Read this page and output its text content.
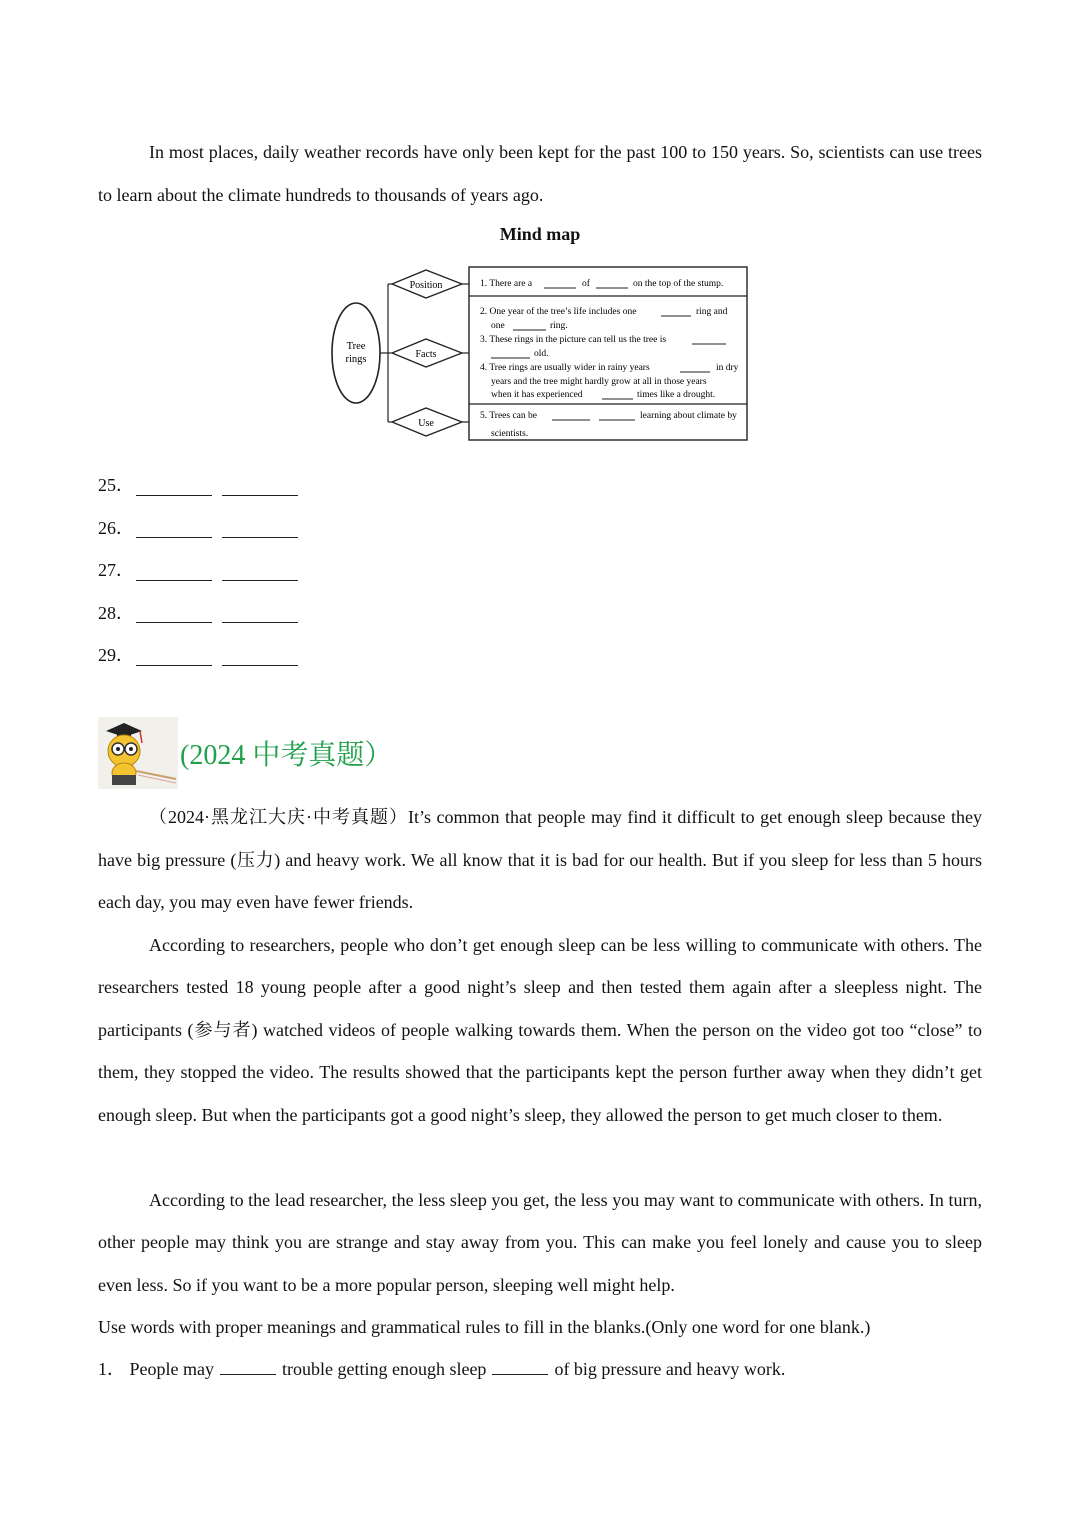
In most places, daily weather records have only been kept for the past 100 to 150 years. So, scientists can use trees to learn about the climate hundreds to thousands of years ago.

Mind map
Tree
rings
Position
Facts
Use
1. There are a	of	on the top of the stump.
2. One year of the tree’s life includes one	ring and
one	ring.
3. These rings in the picture can tell us the tree is
old.
4. Tree rings are usually wider in rainy years	in dry
years and the tree might hardly grow at all in those years
when it has experienced	times like a drought.
5. Trees can be	learning about climate by
scientists.
25．
26．
27．
28．
29．
(2024 中考真题）

（2024·黑龙江大庆·中考真题）It’s common that people may find it difficult to get enough sleep because they have big pressure (压力) and heavy work. We all know that it is bad for our health. But if you sleep for less than 5 hours each day, you may even have fewer friends.

According to researchers, people who don’t get enough sleep can be less willing to communicate with others. The researchers tested 18 young people after a good night’s sleep and then tested them again after a sleepless night. The participants (参与者) watched videos of people walking towards them. When the person on the video got too “close” to them, they stopped the video. The results showed that the participants kept the person further away when they didn’t get enough sleep. But when the participants got a good night’s sleep, they allowed the person to get much closer to them.

According to the lead researcher, the less sleep you get, the less you may want to communicate with others. In turn, other people may think you are strange and stay away from you. This can make you feel lonely and cause you to sleep even less. So if you want to be a more popular person, sleeping well might help.

Use words with proper meanings and grammatical rules to fill in the blanks.(Only one word for one blank.)

1． People may	trouble getting enough sleep	of big pressure and heavy work.
